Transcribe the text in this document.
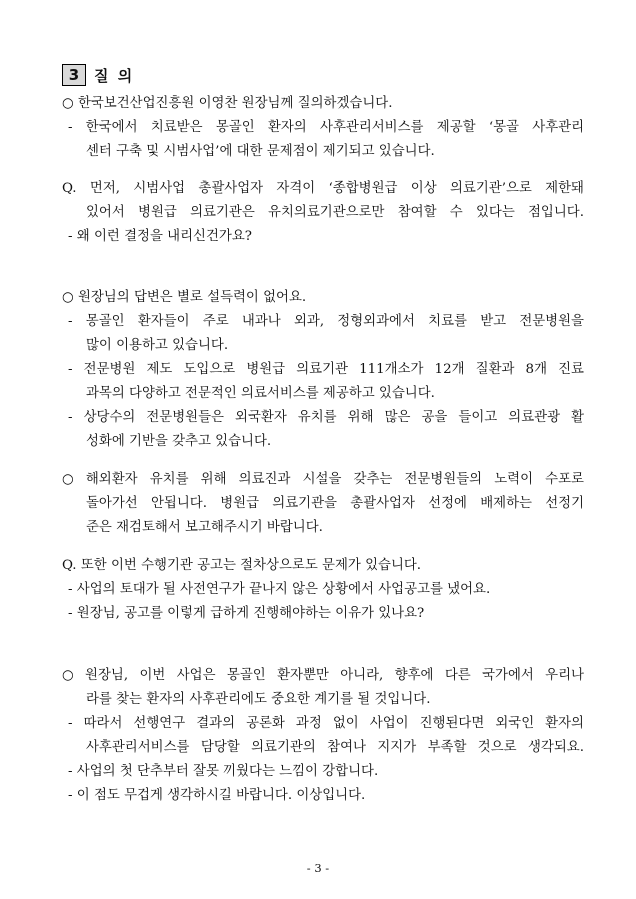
3 질 의
○ 한국보건산업진흥원 이영찬 원장님께 질의하겠습니다.
- 한국에서 치료받은 몽골인 환자의 사후관리서비스를 제공할 ‘몽골 사후관리
센터 구축 및 시범사업’에 대한 문제점이 제기되고 있습니다.
Q. 먼저, 시범사업 총괄사업자 자격이 ‘종합병원급 이상 의료기관’으로 제한돼
있어서 병원급 의료기관은 유치의료기관으로만 참여할 수 있다는 점입니다.
- 왜 이런 결정을 내리신건가요?
○ 원장님의 답변은 별로 설득력이 없어요.
- 몽골인 환자들이 주로 내과나 외과, 정형외과에서 치료를 받고 전문병원을
많이 이용하고 있습니다.
- 전문병원 제도 도입으로 병원급 의료기관 111개소가 12개 질환과 8개 진료
과목의 다양하고 전문적인 의료서비스를 제공하고 있습니다.
- 상당수의 전문병원들은 외국환자 유치를 위해 많은 공을 들이고 의료관광 활
성화에 기반을 갖추고 있습니다.
○ 해외환자 유치를 위해 의료진과 시설을 갖추는 전문병원들의 노력이 수포로
돌아가선 안됩니다. 병원급 의료기관을 총괄사업자 선정에 배제하는 선정기
준은 재검토해서 보고해주시기 바랍니다.
Q. 또한 이번 수행기관 공고는 절차상으로도 문제가 있습니다.
- 사업의 토대가 될 사전연구가 끝나지 않은 상황에서 사업공고를 냈어요.
- 원장님, 공고를 이렇게 급하게 진행해야하는 이유가 있나요?
○ 원장님, 이번 사업은 몽골인 환자뿐만 아니라, 향후에 다른 국가에서 우리나
라를 찾는 환자의 사후관리에도 중요한 계기를 될 것입니다.
- 따라서 선행연구 결과의 공론화 과정 없이 사업이 진행된다면 외국인 환자의
사후관리서비스를 담당할 의료기관의 참여나 지지가 부족할 것으로 생각되요.
- 사업의 첫 단추부터 잘못 끼웠다는 느낌이 강합니다.
- 이 점도 무겁게 생각하시길 바랍니다. 이상입니다.
- 3 -
